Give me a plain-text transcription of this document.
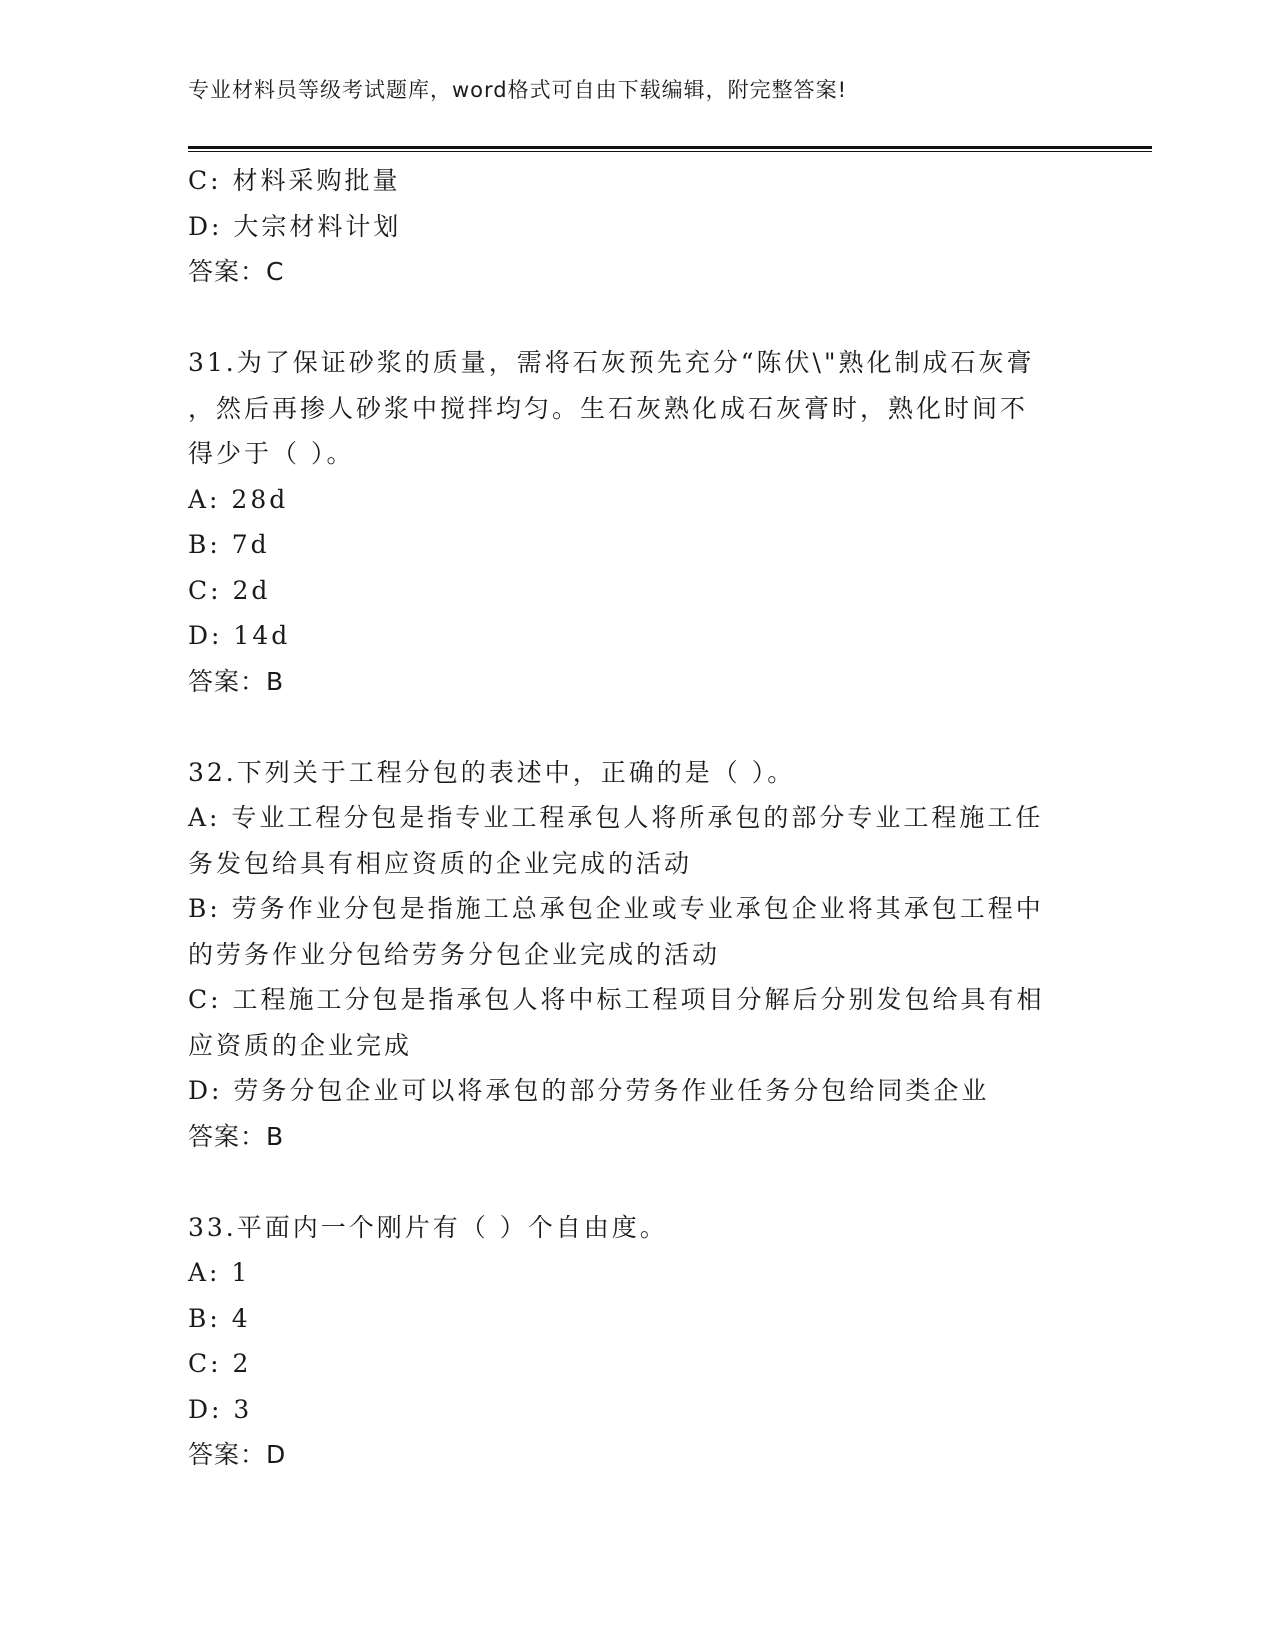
专业材料员等级考试题库，word格式可自由下载编辑，附完整答案!
C: 材料采购批量
D: 大宗材料计划
答案：C
31.为了保证砂浆的质量，需将石灰预先充分“陈伏\"熟化制成石灰膏
，然后再掺人砂浆中搅拌均匀。生石灰熟化成石灰膏时，熟化时间不
得少于（ ）。
A: 28d
B: 7d
C: 2d
D: 14d
答案：B
32.下列关于工程分包的表述中，正确的是（ ）。
A: 专业工程分包是指专业工程承包人将所承包的部分专业工程施工任
务发包给具有相应资质的企业完成的活动
B: 劳务作业分包是指施工总承包企业或专业承包企业将其承包工程中
的劳务作业分包给劳务分包企业完成的活动
C: 工程施工分包是指承包人将中标工程项目分解后分别发包给具有相
应资质的企业完成
D: 劳务分包企业可以将承包的部分劳务作业任务分包给同类企业
答案：B
33.平面内一个刚片有（ ）个自由度。
A: 1
B: 4
C: 2
D: 3
答案：D
